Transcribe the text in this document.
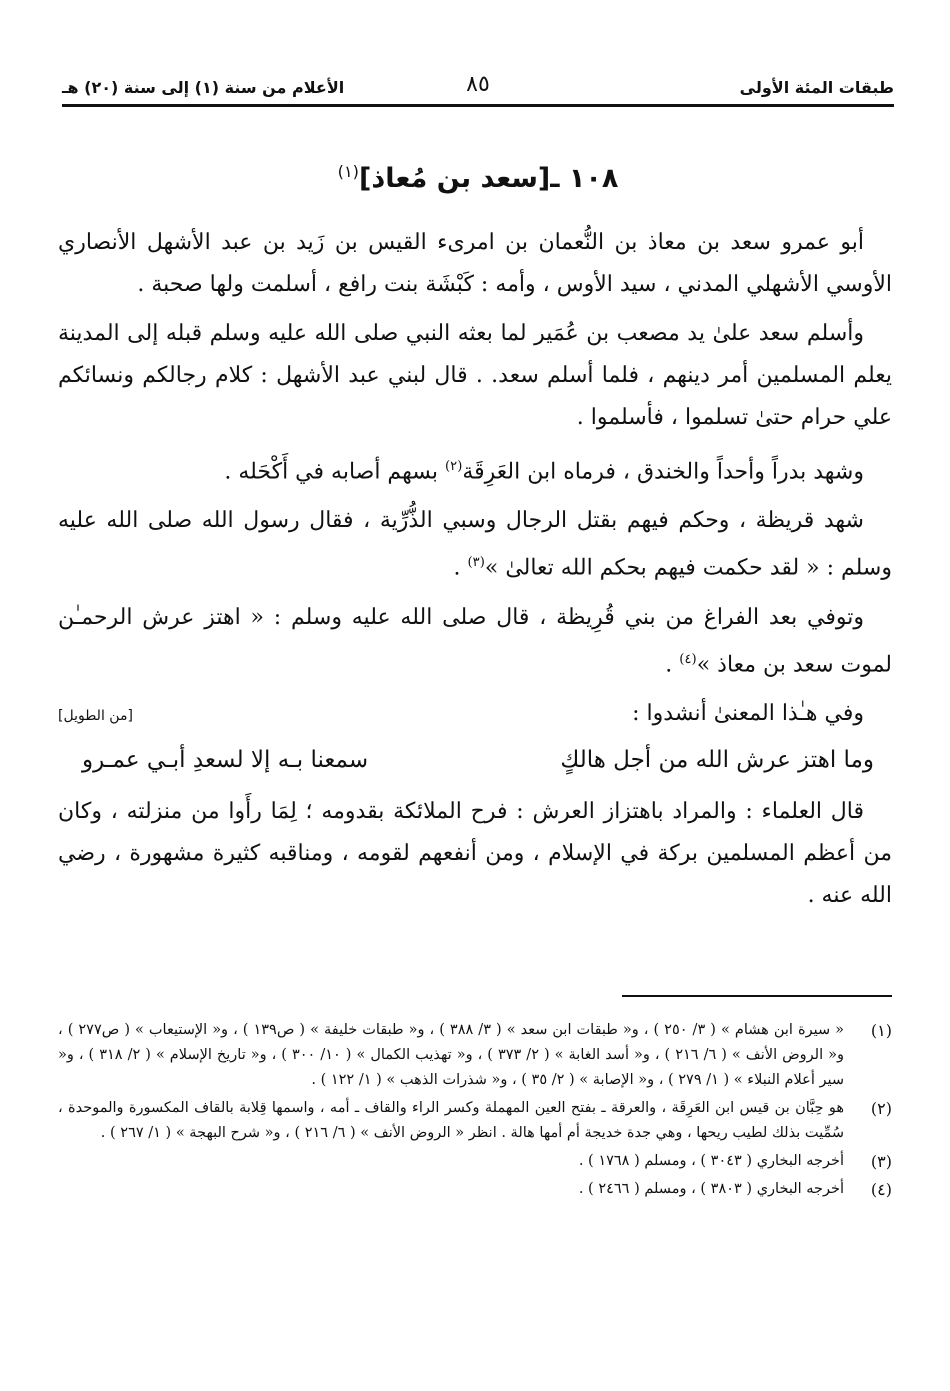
طبقات المئة الأولى
٨٥
الأعلام من سنة (١) إلى سنة (٢٠) هـ
١٠٨ ـ[سعد بن مُعاذ]$^{(١)}$

أبو عمرو سعد بن معاذ بن النُّعمان بن امرىء القيس بن زَيد بن عبد الأشهل الأنصاري الأوسي الأشهلي المدني ، سيد الأوس ، وأمه : كَبْشَة بنت رافع ، أسلمت ولها صحبة .

وأسلم سعد علىٰ يد مصعب بن عُمَير لما بعثه النبي صلى الله عليه وسلم قبله إلى المدينة يعلم المسلمين أمر دينهم ، فلما أسلم سعد. . قال لبني عبد الأشهل : كلام رجالكم ونسائكم علي حرام حتىٰ تسلموا ، فأسلموا .

وشهد بدراً وأحداً والخندق ، فرماه ابن العَرِقَة$^{(٢)}$ بسهم أصابه في أَكْحَله .

شهد قريظة ، وحكم فيهم بقتل الرجال وسبي الذُّرِّية ، فقال رسول الله صلى الله عليه وسلم : « لقد حكمت فيهم بحكم الله تعالىٰ »$^{(٣)}$ .

وتوفي بعد الفراغ من بني قُرِيظة ، قال صلى الله عليه وسلم : « اهتز عرش الرحمـٰن لموت سعد بن معاذ »$^{(٤)}$ .

وفي هـٰذا المعنىٰ أنشدوا :
[من الطويل]
وما اهتز عرش الله من أجل هالكٍ
سمعنا بـه إلا لسعدِ أبـي عمـرو

قال العلماء : والمراد باهتزاز العرش : فرح الملائكة بقدومه ؛ لِمَا رأَوا من منزلته ، وكان من أعظم المسلمين بركة في الإسلام ، ومن أنفعهم لقومه ، ومناقبه كثيرة مشهورة ، رضي الله عنه .

(١)
« سيرة ابن هشام » ( ٣/ ٢٥٠ ) ، و« طبقات ابن سعد » ( ٣/ ٣٨٨ ) ، و« طبقات خليفة » ( ص١٣٩ ) ، و« الإستيعاب » ( ص٢٧٧ ) ، و« الروض الأنف » ( ٦/ ٢١٦ ) ، و« أسد الغابة » ( ٢/ ٣٧٣ ) ، و« تهذيب الكمال » ( ١٠/ ٣٠٠ ) ، و« تاريخ الإسلام » ( ٢/ ٣١٨ ) ، و« سير أعلام النبلاء » ( ١/ ٢٧٩ ) ، و« الإصابة » ( ٢/ ٣٥ ) ، و« شذرات الذهب » ( ١/ ١٢٢ ) .
(٢)
هو حِبَّان بن قيس ابن العَرِقَة ، والعرقة ـ بفتح العين المهملة وكسر الراء والقاف ـ أمه ، واسمها قِلابة بالقاف المكسورة والموحدة ، سُمِّيت بذلك لطيب ريحها ، وهي جدة خديجة أم أمها هالة . انظر « الروض الأنف » ( ٦/ ٢١٦ ) ، و« شرح البهجة » ( ١/ ٢٦٧ ) .
(٣)
أخرجه البخاري ( ٣٠٤٣ ) ، ومسلم ( ١٧٦٨ ) .
(٤)
أخرجه البخاري ( ٣٨٠٣ ) ، ومسلم ( ٢٤٦٦ ) .
